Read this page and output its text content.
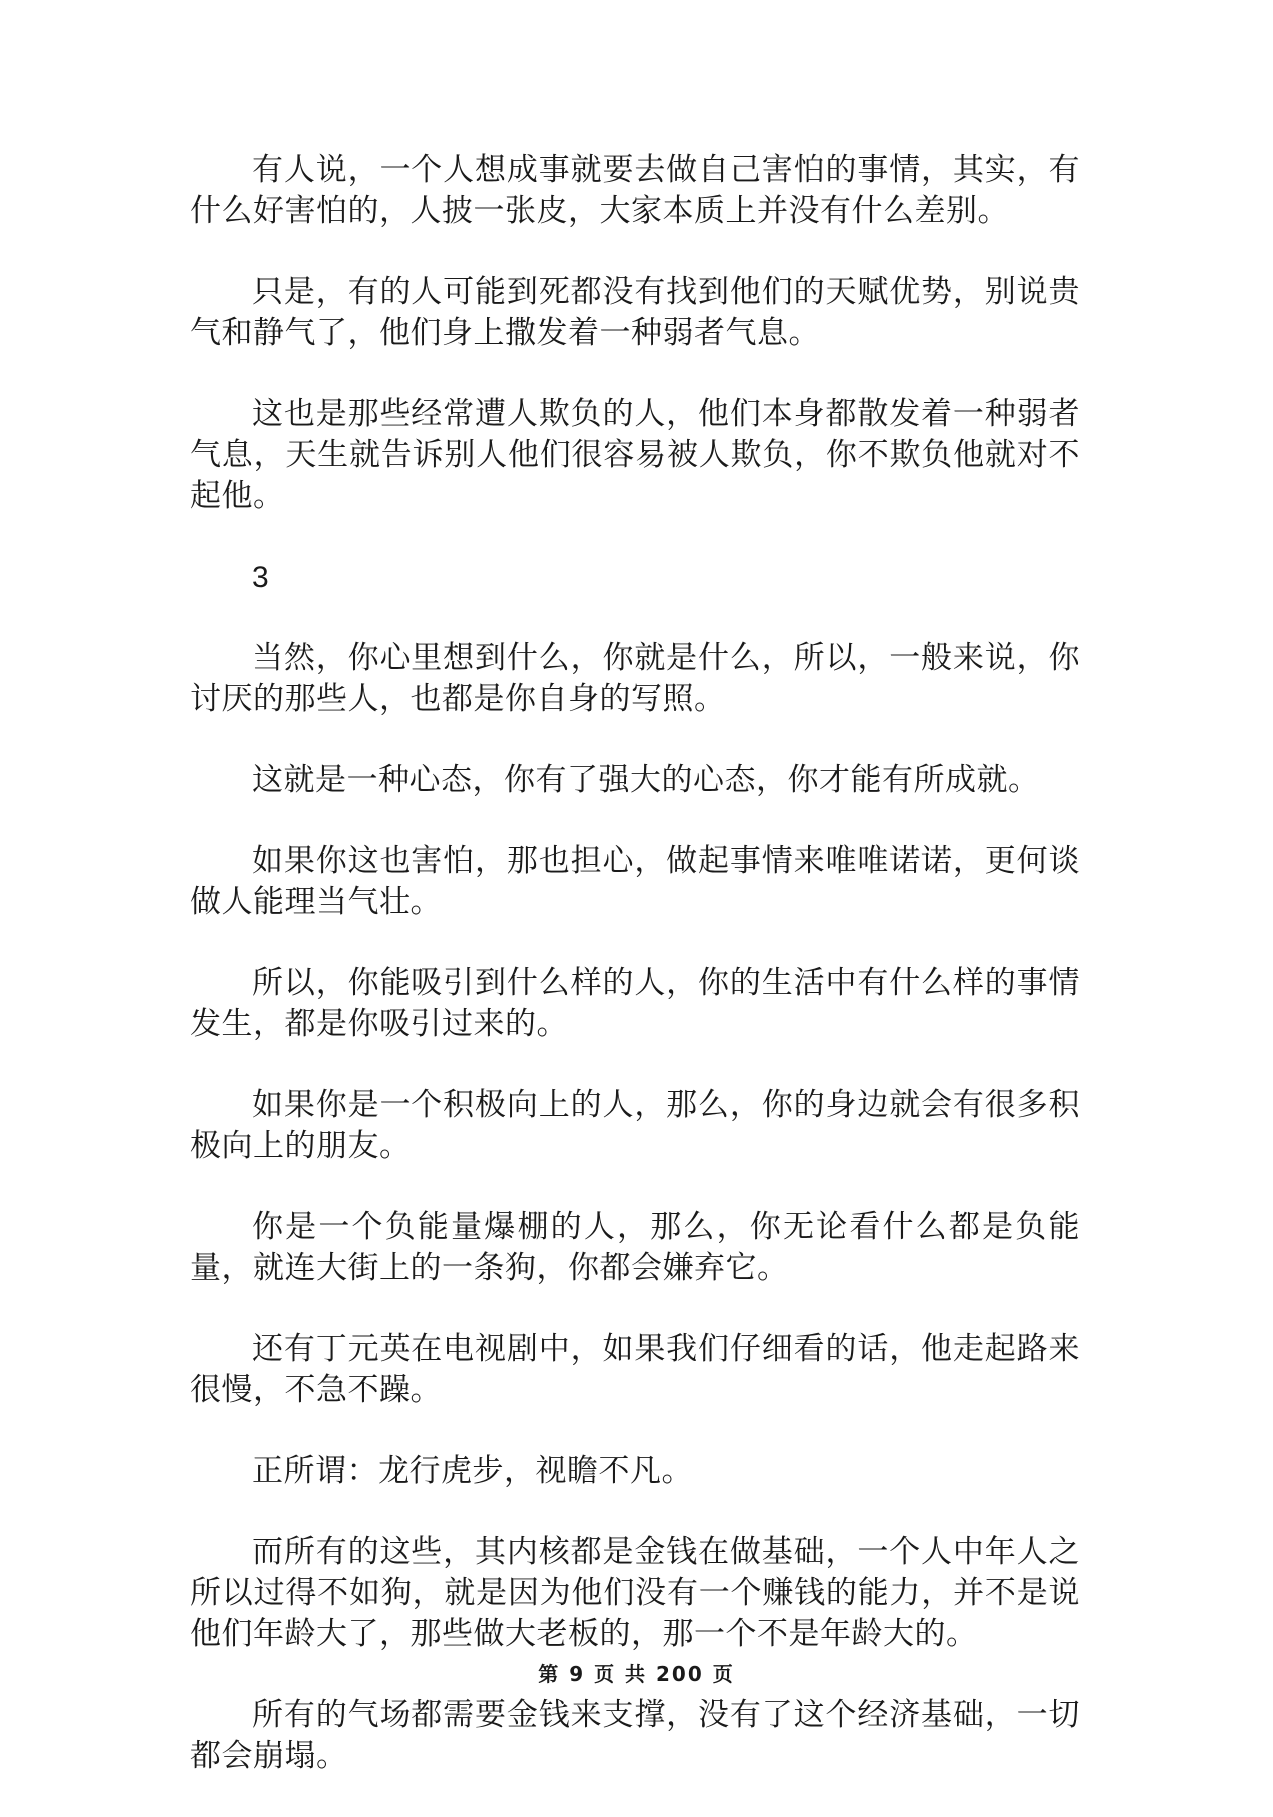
有人说，一个人想成事就要去做自己害怕的事情，其实，有什么好害怕的，人披一张皮，大家本质上并没有什么差别。

只是，有的人可能到死都没有找到他们的天赋优势，别说贵气和静气了，他们身上撒发着一种弱者气息。

这也是那些经常遭人欺负的人，他们本身都散发着一种弱者气息，天生就告诉别人他们很容易被人欺负，你不欺负他就对不起他。

3

当然，你心里想到什么，你就是什么，所以，一般来说，你讨厌的那些人，也都是你自身的写照。

这就是一种心态，你有了强大的心态，你才能有所成就。

如果你这也害怕，那也担心，做起事情来唯唯诺诺，更何谈做人能理当气壮。

所以，你能吸引到什么样的人，你的生活中有什么样的事情发生，都是你吸引过来的。

如果你是一个积极向上的人，那么，你的身边就会有很多积极向上的朋友。

你是一个负能量爆棚的人，那么，你无论看什么都是负能量，就连大街上的一条狗，你都会嫌弃它。

还有丁元英在电视剧中，如果我们仔细看的话，他走起路来很慢，不急不躁。

正所谓：龙行虎步，视瞻不凡。

而所有的这些，其内核都是金钱在做基础，一个人中年人之所以过得不如狗，就是因为他们没有一个赚钱的能力，并不是说他们年龄大了，那些做大老板的，那一个不是年龄大的。

所有的气场都需要金钱来支撑，没有了这个经济基础，一切都会崩塌。

第 9 页 共 200 页
